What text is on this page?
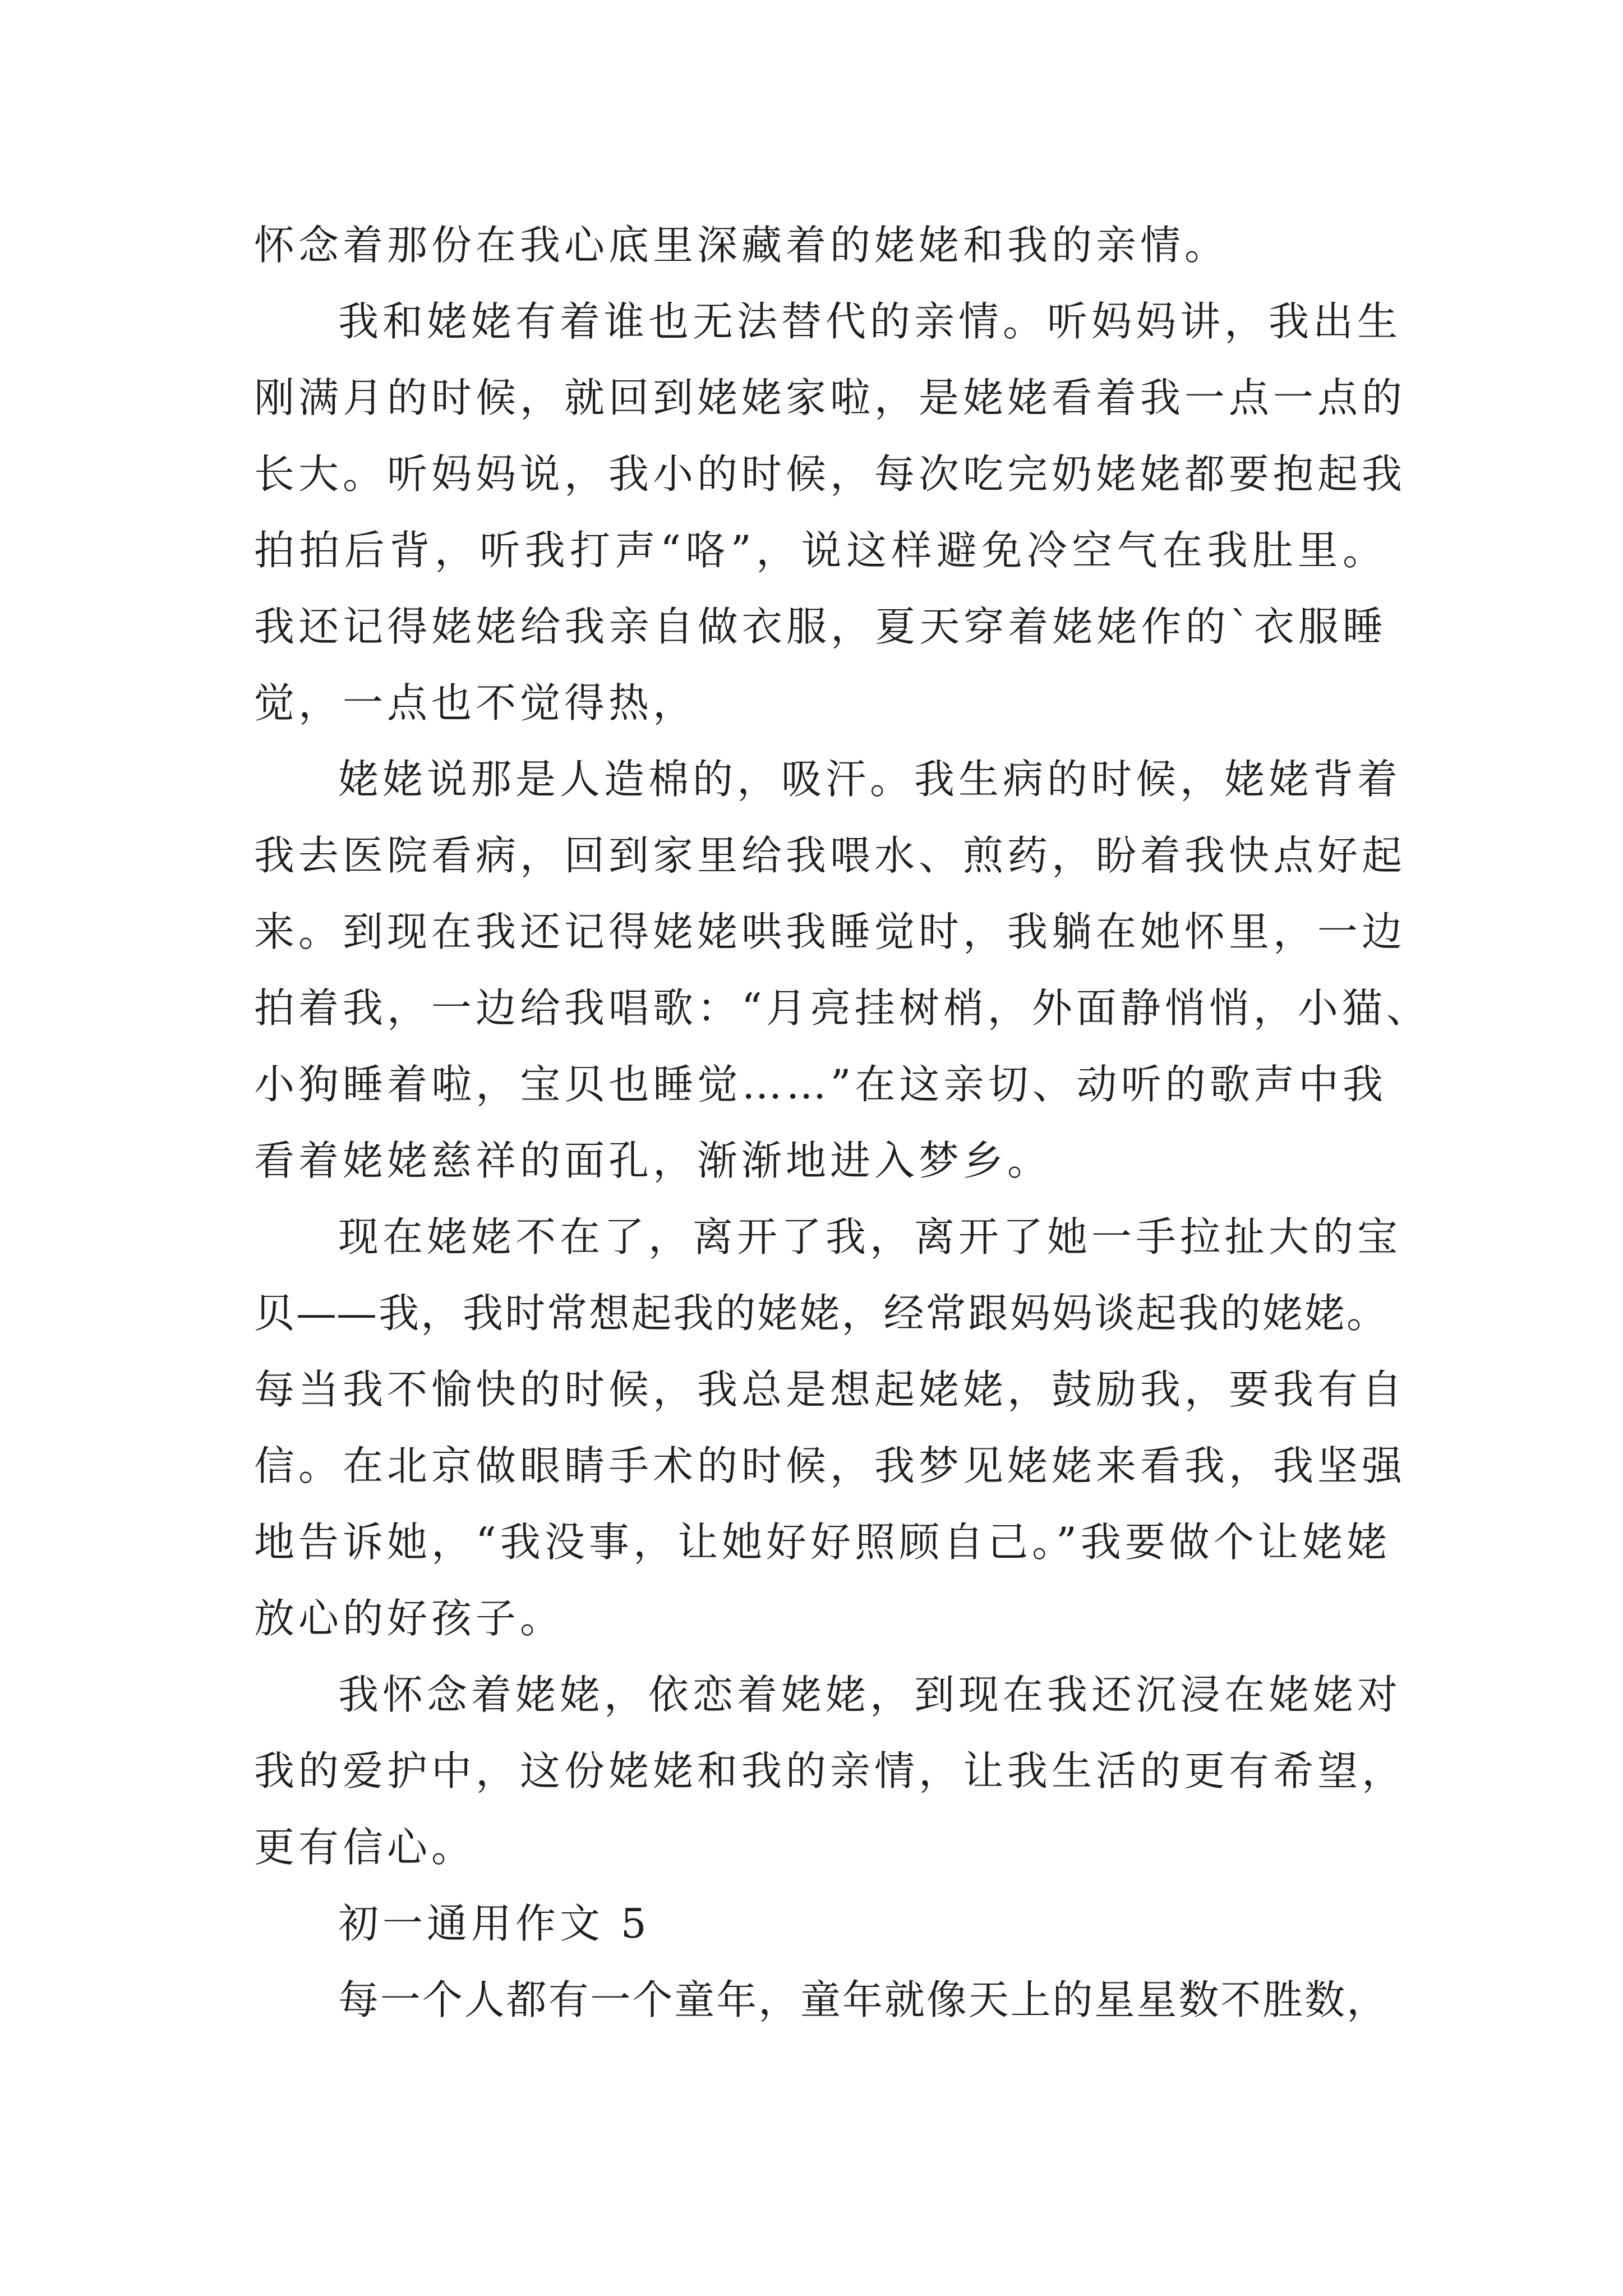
怀念着那份在我心底里深藏着的姥姥和我的亲情。

我和姥姥有着谁也无法替代的亲情。听妈妈讲，我出生

刚满月的时候，就回到姥姥家啦，是姥姥看着我一点一点的

长大。听妈妈说，我小的时候，每次吃完奶姥姥都要抱起我

拍拍后背，听我打声“咯”，说这样避免冷空气在我肚里。

我还记得姥姥给我亲自做衣服，夏天穿着姥姥作的`衣服睡

觉，一点也不觉得热，

姥姥说那是人造棉的，吸汗。我生病的时候，姥姥背着

我去医院看病，回到家里给我喂水、煎药，盼着我快点好起

来。到现在我还记得姥姥哄我睡觉时，我躺在她怀里，一边

拍着我，一边给我唱歌：“月亮挂树梢，外面静悄悄，小猫、

小狗睡着啦，宝贝也睡觉……”在这亲切、动听的歌声中我

看着姥姥慈祥的面孔，渐渐地进入梦乡。

现在姥姥不在了，离开了我，离开了她一手拉扯大的宝

贝——我，我时常想起我的姥姥，经常跟妈妈谈起我的姥姥。

每当我不愉快的时候，我总是想起姥姥，鼓励我，要我有自

信。在北京做眼睛手术的时候，我梦见姥姥来看我，我坚强

地告诉她，“我没事，让她好好照顾自己。”我要做个让姥姥

放心的好孩子。

我怀念着姥姥，依恋着姥姥，到现在我还沉浸在姥姥对

我的爱护中，这份姥姥和我的亲情，让我生活的更有希望，

更有信心。

初一通用作文 5

每一个人都有一个童年，童年就像天上的星星数不胜数，
